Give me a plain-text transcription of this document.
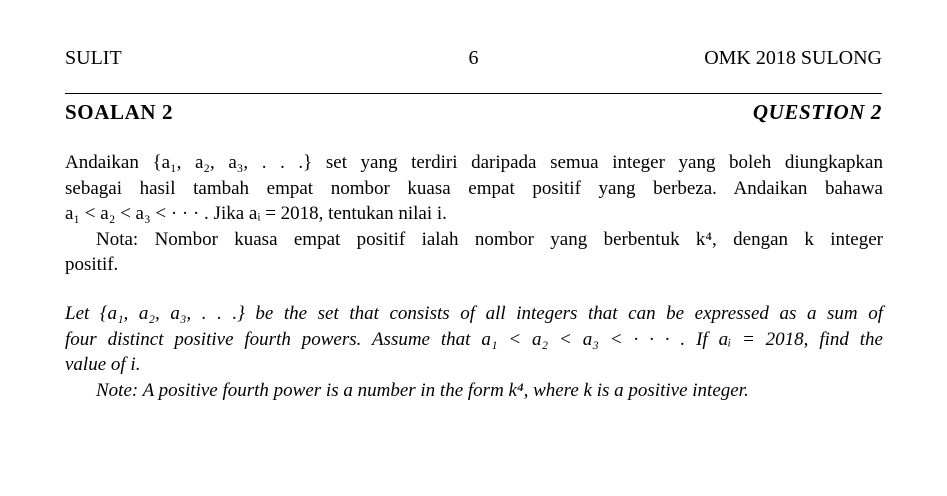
SULIT	6	OMK 2018 SULONG
SOALAN 2	QUESTION 2
Andaikan {a₁, a₂, a₃, . . .} set yang terdiri daripada semua integer yang boleh diungkapkan
sebagai hasil tambah empat nombor kuasa empat positif yang berbeza. Andaikan bahawa
a₁ < a₂ < a₃ < · · · . Jika aᵢ = 2018, tentukan nilai i.
Nota: Nombor kuasa empat positif ialah nombor yang berbentuk k⁴, dengan k integer
positif.
Let {a₁, a₂, a₃, . . .} be the set that consists of all integers that can be expressed as a sum of
four distinct positive fourth powers. Assume that a₁ < a₂ < a₃ < · · · . If aᵢ = 2018, find the
value of i.
Note: A positive fourth power is a number in the form k⁴, where k is a positive integer.
